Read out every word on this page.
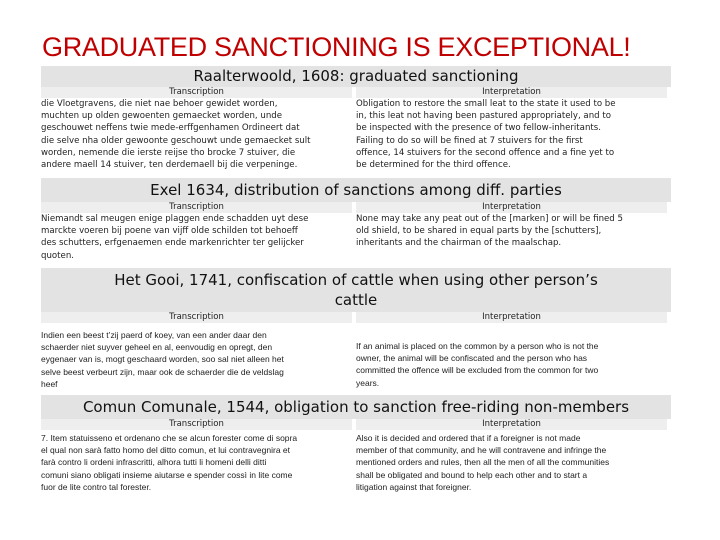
GRADUATED SANCTIONING IS EXCEPTIONAL!
Raalterwoold, 1608: graduated sanctioning
Transcription
die Vloetgravens, die niet nae behoer gewidet worden,
muchten up olden gewoenten gemaecket worden, unde
geschouwet neffens twie mede-erffgenhamen Ordineert dat
die selve nha older gewoonte geschouwt unde gemaecket sult
worden, nemende die ierste reijse tho brocke 7 stuiver, die
andere maell 14 stuiver, ten derdemaell bij die verpeninge.
Interpretation
Obligation to restore the small leat to the state it used to be
in, this leat not having been pastured appropriately, and to
be inspected with the presence of two fellow-inheritants.
Failing to do so will be fined at 7 stuivers for the first
offence, 14 stuivers for the second offence and a fine yet to
be determined for the third offence.
Exel 1634, distribution of sanctions among diff. parties
Transcription
Niemandt sal meugen enige plaggen ende schadden uyt dese
marckte voeren bij poene van vijff olde schilden tot behoeff
des schutters, erfgenaemen ende markenrichter ter gelijcker
quoten.
Interpretation
None may take any peat out of the [marken] or will be fined 5
old shield, to be shared in equal parts by the [schutters],
inheritants and the chairman of the maalschap.
Het Gooi, 1741, confiscation of cattle when using other person’s cattle
Transcription
Indien een beest t’zij paerd of koey, van een ander daar den
schaerder niet suyver geheel en al, eenvoudig en opregt, den
eygenaer van is, mogt geschaard worden, soo sal niet alleen het
selve beest verbeurt zijn, maar ook de schaerder die de veldslag
heef
Interpretation
If an animal is placed on the common by a person who is not the
owner, the animal will be confiscated and the person who has
committed the offence will be excluded from the common for two
years.
Comun Comunale, 1544, obligation to sanction free-riding non-members
Transcription
7. Item statuisseno et ordenano che se alcun forester come di sopra
el qual non sarà fatto homo del ditto comun, et lui contravegnira et
farà contro li ordeni infrascritti, alhora tutti li homeni delli ditti
comuni siano obligati insieme aiutarse e spender cossì in lite come
fuor de lite contro tal forester.
Interpretation
Also it is decided and ordered that if a foreigner is not made
member of that community, and he will contravene and infringe the
mentioned orders and rules, then all the men of all the communities
shall be obligated and bound to help each other and to start a
litigation against that foreigner.
